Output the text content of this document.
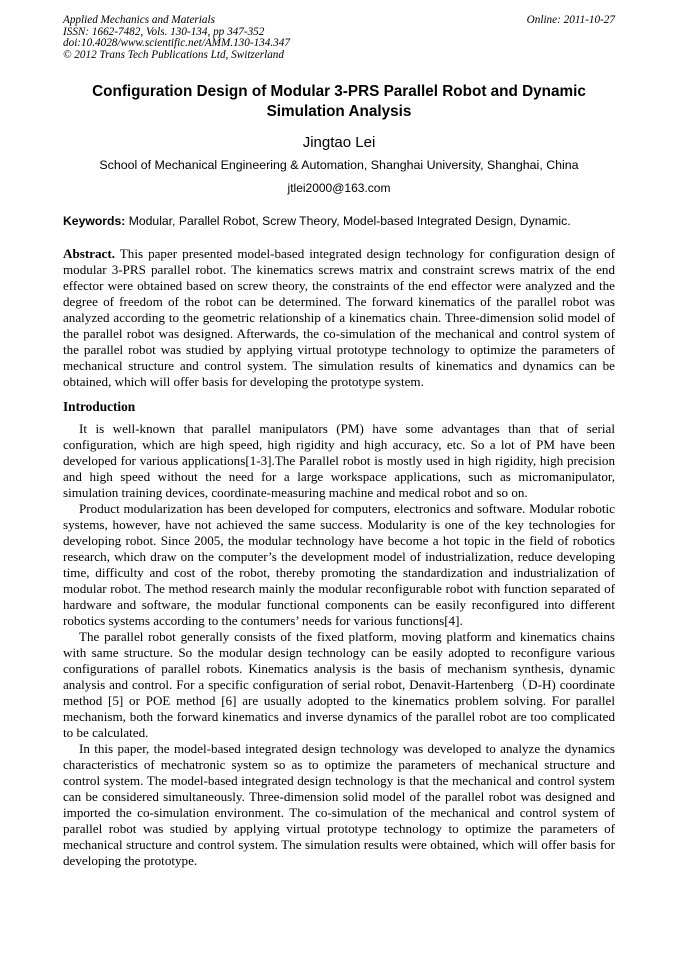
Applied Mechanics and Materials
ISSN: 1662-7482, Vols. 130-134, pp 347-352
doi:10.4028/www.scientific.net/AMM.130-134.347
© 2012 Trans Tech Publications Ltd, Switzerland
Online: 2011-10-27
Configuration Design of Modular 3-PRS Parallel Robot and Dynamic Simulation Analysis
Jingtao Lei
School of Mechanical Engineering & Automation, Shanghai University, Shanghai, China
jtlei2000@163.com
Keywords: Modular, Parallel Robot, Screw Theory, Model-based Integrated Design, Dynamic.

Abstract. This paper presented model-based integrated design technology for configuration design of modular 3-PRS parallel robot. The kinematics screws matrix and constraint screws matrix of the end effector were obtained based on screw theory, the constraints of the end effector were analyzed and the degree of freedom of the robot can be determined. The forward kinematics of the parallel robot was analyzed according to the geometric relationship of a kinematics chain. Three-dimension solid model of the parallel robot was designed. Afterwards, the co-simulation of the mechanical and control system of the parallel robot was studied by applying virtual prototype technology to optimize the parameters of mechanical structure and control system. The simulation results of kinematics and dynamics can be obtained, which will offer basis for developing the prototype system.

Introduction

It is well-known that parallel manipulators (PM) have some advantages than that of serial configuration, which are high speed, high rigidity and high accuracy, etc. So a lot of PM have been developed for various applications[1-3].The Parallel robot is mostly used in high rigidity, high precision and high speed without the need for a large workspace applications, such as micromanipulator, simulation training devices, coordinate-measuring machine and medical robot and so on.

Product modularization has been developed for computers, electronics and software. Modular robotic systems, however, have not achieved the same success. Modularity is one of the key technologies for developing robot. Since 2005, the modular technology have become a hot topic in the field of robotics research, which draw on the computer’s the development model of industrialization, reduce developing time, difficulty and cost of the robot, thereby promoting the standardization and industrialization of modular robot. The method research mainly the modular reconfigurable robot with function separated of hardware and software, the modular functional components can be easily reconfigured into different robotics systems according to the contumers’ needs for various functions[4].

The parallel robot generally consists of the fixed platform, moving platform and kinematics chains with same structure. So the modular design technology can be easily adopted to reconfigure various configurations of parallel robots. Kinematics analysis is the basis of mechanism synthesis, dynamic analysis and control. For a specific configuration of serial robot, Denavit-Hartenberg（D-H) coordinate method [5] or POE method [6] are usually adopted to the kinematics problem solving. For parallel mechanism, both the forward kinematics and inverse dynamics of the parallel robot are too complicated to be calculated.

In this paper, the model-based integrated design technology was developed to analyze the dynamics characteristics of mechatronic system so as to optimize the parameters of mechanical structure and control system. The model-based integrated design technology is that the mechanical and control system can be considered simultaneously. Three-dimension solid model of the parallel robot was designed and imported the co-simulation environment. The co-simulation of the mechanical and control system of parallel robot was studied by applying virtual prototype technology to optimize the parameters of mechanical structure and control system. The simulation results were obtained, which will offer basis for developing the prototype.
